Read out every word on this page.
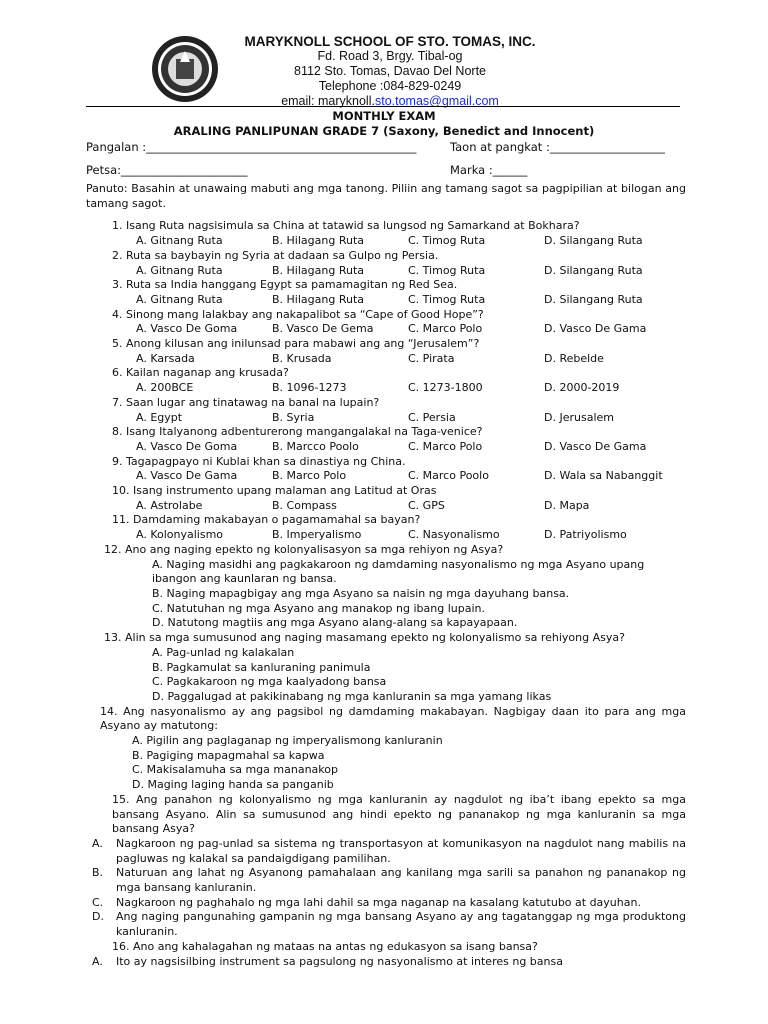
MARYKNOLL SCHOOL OF STO. TOMAS, INC.
Fd. Road 3, Brgy. Tibal-og
8112 Sto. Tomas, Davao Del Norte
Telephone :084-829-0249
email: maryknoll.sto.tomas@gmail.com
MONTHLY EXAM
ARALING PANLIPUNAN GRADE 7 (Saxony, Benedict and Innocent)
Pangalan :_______________________________________________	Taon at pangkat :____________________
Petsa:______________________	Marka :______
Panuto: Basahin at unawaing mabuti ang mga tanong. Piliin ang tamang sagot sa pagpipilian at bilogan ang tamang sagot.
1. Isang Ruta nagsisimula sa China at tatawid sa lungsod ng Samarkand at Bokhara?
A. Gitnang Ruta	B. Hilagang Ruta	C. Timog Ruta	D. Silangang Ruta
2. Ruta sa baybayin ng Syria at dadaan sa Gulpo ng Persia.
A. Gitnang Ruta	B. Hilagang Ruta	C. Timog Ruta	D. Silangang Ruta
3. Ruta sa India hanggang Egypt sa pamamagitan ng Red Sea.
A. Gitnang Ruta	B. Hilagang Ruta	C. Timog Ruta	D. Silangang Ruta
4. Sinong mang lalakbay ang nakapalibot sa “Cape of Good Hope”?
A. Vasco De Goma	B. Vasco De Gema	C. Marco Polo	D. Vasco De Gama
5. Anong kilusan ang inilunsad para mabawi ang ang “Jerusalem”?
A. Karsada	B. Krusada	C. Pirata	D. Rebelde
6. Kailan naganap ang krusada?
A. 200BCE	B. 1096-1273	C. 1273-1800	D. 2000-2019
7. Saan lugar ang tinatawag na banal na lupain?
A. Egypt	B. Syria	C. Persia	D. Jerusalem
8. Isang Italyanong adbenturerong mangangalakal na Taga-venice?
A. Vasco De Goma	B. Marcco Poolo	C. Marco Polo	D. Vasco De Gama
9. Tagapagpayo ni Kublai khan sa dinastiya ng China.
A. Vasco De Gama	B. Marco Polo	C. Marco Poolo	D. Wala sa Nabanggit
10. Isang instrumento upang malaman ang Latitud at Oras
A. Astrolabe	B. Compass	C. GPS	D. Mapa
11. Damdaming makabayan o pagamamahal sa bayan?
A. Kolonyalismo	B. Imperyalismo	C. Nasyonalismo	D. Patriyolismo
12. Ano ang naging epekto ng kolonyalisasyon sa mga rehiyon ng Asya?
A. Naging masidhi ang pagkakaroon ng damdaming nasyonalismo ng mga Asyano upang ibangon ang kaunlaran ng bansa.
B. Naging mapagbigay ang mga Asyano sa naisin ng mga dayuhang bansa.
C. Natutuhan ng mga Asyano ang manakop ng ibang lupain.
D. Natutong magtiis ang mga Asyano alang-alang sa kapayapaan.
13. Alin sa mga sumusunod ang naging masamang epekto ng kolonyalismo sa rehiyong Asya?
A. Pag-unlad ng kalakalan
B. Pagkamulat sa kanluraning panimula
C. Pagkakaroon ng mga kaalyadong bansa
D. Paggalugad at pakikinabang ng mga kanluranin sa mga yamang likas
14. Ang nasyonalismo ay ang pagsibol ng damdaming makabayan. Nagbigay daan ito para ang mga Asyano ay matutong:
A. Pigilin ang paglaganap ng imperyalismong kanluranin
B. Pagiging mapagmahal sa kapwa
C. Makisalamuha sa mga mananakop
D. Maging laging handa sa panganib
15. Ang panahon ng kolonyalismo ng mga kanluranin ay nagdulot ng iba’t ibang epekto sa mga bansang Asyano. Alin sa sumusunod ang hindi epekto ng pananakop ng mga kanluranin sa mga bansang Asya?
A.	Nagkaroon ng pag-unlad sa sistema ng transportasyon at komunikasyon na nagdulot nang mabilis na pagluwas ng kalakal sa pandaigdigang pamilihan.
B.	Naturuan ang lahat ng Asyanong pamahalaan ang kanilang mga sarili sa panahon ng pananakop ng mga bansang kanluranin.
C.	Nagkaroon ng paghahalo ng mga lahi dahil sa mga naganap na kasalang katutubo at dayuhan.
D.	Ang naging pangunahing gampanin ng mga bansang Asyano ay ang tagatanggap ng mga produktong kanluranin.
16. Ano ang kahalagahan ng mataas na antas ng edukasyon sa isang bansa?
A.	Ito ay nagsisilbing instrument sa pagsulong ng nasyonalismo at interes ng bansa
